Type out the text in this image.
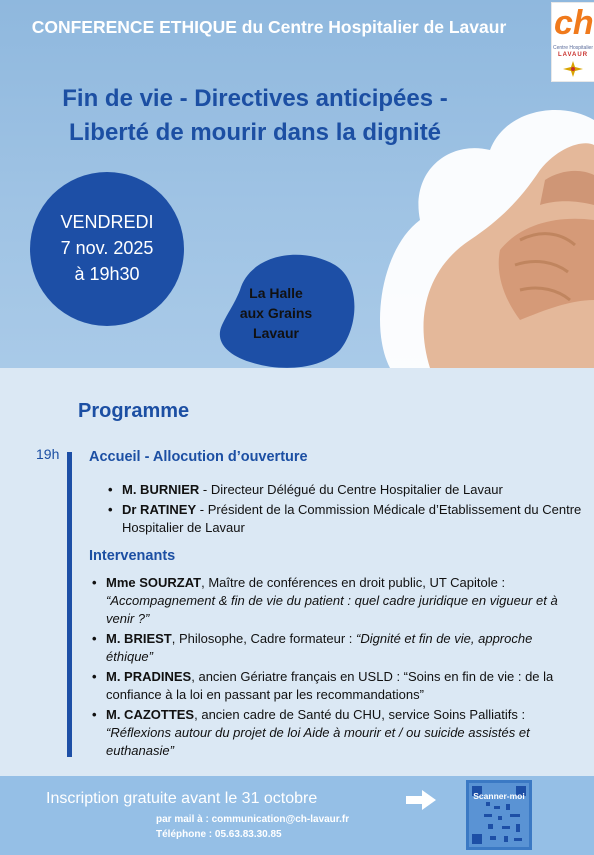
CONFERENCE ETHIQUE du Centre Hospitalier de Lavaur
Fin de vie - Directives anticipées -
Liberté de mourir dans la dignité
ch
Centre Hospitalier
LAVAUR
VENDREDI
7 nov. 2025
à 19h30
La Halle
aux Grains
Lavaur
Programme
19h Accueil - Allocution d’ouverture
• M. BURNIER - Directeur Délégué du Centre Hospitalier de Lavaur
• Dr RATINEY - Président de la Commission Médicale d’Etablissement du Centre Hospitalier de Lavaur
Intervenants
• Mme SOURZAT, Maître de conférences en droit public, UT Capitole : “Accompagnement & fin de vie du patient : quel cadre juridique en vigueur et à venir ?”
• M. BRIEST, Philosophe, Cadre formateur : “Dignité et fin de vie, approche éthique”
• M. PRADINES, ancien Gériatre français en USLD : “Soins en fin de vie : de la confiance à la loi en passant par les recommandations”
• M. CAZOTTES, ancien cadre de Santé du CHU, service Soins Palliatifs : “Réflexions autour du projet de loi Aide à mourir et / ou suicide assistés et euthanasie”
Inscription gratuite avant le 31 octobre
par mail à : communication@ch-lavaur.fr
Téléphone : 05.63.83.30.85
Scanner-moi
